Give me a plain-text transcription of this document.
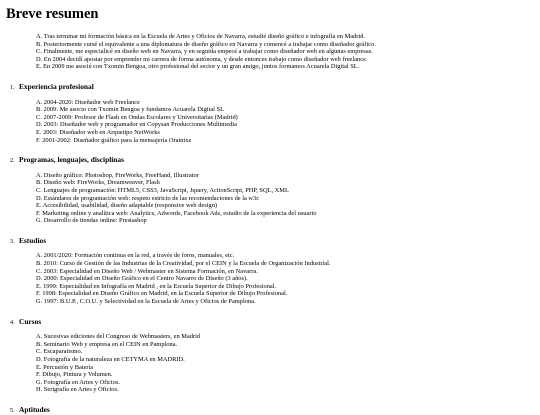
Breve resumen
A. Tras terminar mi formación básica en la Escuela de Artes y Oficios de Navarra, estudié diseño gráfico e infografía en Madrid.
B. Posteriormente cursé el equivalente a una diplomatura de diseño gráfico en Navarra y comencé a trabajar como diseñador gráfico.
C. Finalmente, me especialicé en diseño web en Navarra, y en seguida empecé a trabajar como diseñador web en algunas empresas.
D. En 2004 decidí apostar por emprender mi carrera de forma autónoma, y desde entonces trabajo como diseñador web freelance.
E. En 2009 me asocié con Txomin Bengoa, otro profesional del sector y un gran amigo, juntos formamos Acuarela Digital SL.
1. Experiencia profesional
A. 2004-2020: Diseñador web Freelance
B. 2009: Me asocio con Txomin Bengoa y fundamos Acuarela Digital SL
C. 2007-2009: Profesor de Flash en Ondas Escolares y Universitarias (Madrid)
D. 2003: Diseñador web y programador en Copysan Producciones Multimedia
E. 2003: Diseñador web en Arquetipo NetWorks
F. 2001-2002: Diseñador gráfico para la mensajería Oraintxe
2. Programas, lenguajes, disciplinas
A. Diseño gráfico: Photoshop, FireWorks, FreeHand, Illustrator
B. Diseño web: FireWorks, Dreamweaver, Flash
C. Lenguajes de programación: HTML5, CSS3, JavaScript, Jquery, ActionScript, PHP, SQL, XML
D. Estándares de programación web: respeto estricto de las recomendaciones de la w3c
E. Accesibilidad, usabilidad, diseño adaptable (responsive web design)
F. Marketing online y analítica web: Analytics, Adwords, Facebook Ads, estudio de la experiencia del usuario
G. Desarrollo de tiendas online: Prestashop
3. Estudios
A. 2001/2020: Formación continua en la red, a través de foros, manuales, etc.
B. 2010: Curso de Gestión de las Industrias de la Creatividad, por el CEIN y la Escuela de Organización Industrial.
C. 2003: Especialidad en Diseño Web / Webmaster en Sistema Formación, en Navarra.
D. 2000: Especialidad en Diseño Gráfico en el Centro Navarro de Diseño (3 años).
E. 1999: Especialidad en Infografía en Madrid , en la Escuela Superior de Dibujo Profesional.
F. 1998: Especialidad en Diseño Gráfico en Madrid, en la Escuela Superior de Dibujo Profesional.
G. 1997: B.U.P., C.O.U. y Selectividad en la Escuela de Artes y Oficios de Pamplona.
4. Cursos
A. Sucesivas ediciones del Congreso de Webmasters, en Madrid
B. Seminario Web y empresa en el CEIN en Pamplona.
C. Escaparatismo.
D. Fotografía de la naturaleza en CETYMA en MADRID.
E. Percusión y Batería
F. Dibujo, Pintura y Volumen.
G. Fotografía en Artes y Oficios.
H. Serigrafía en Artes y Oficios.
5. Aptitudes
